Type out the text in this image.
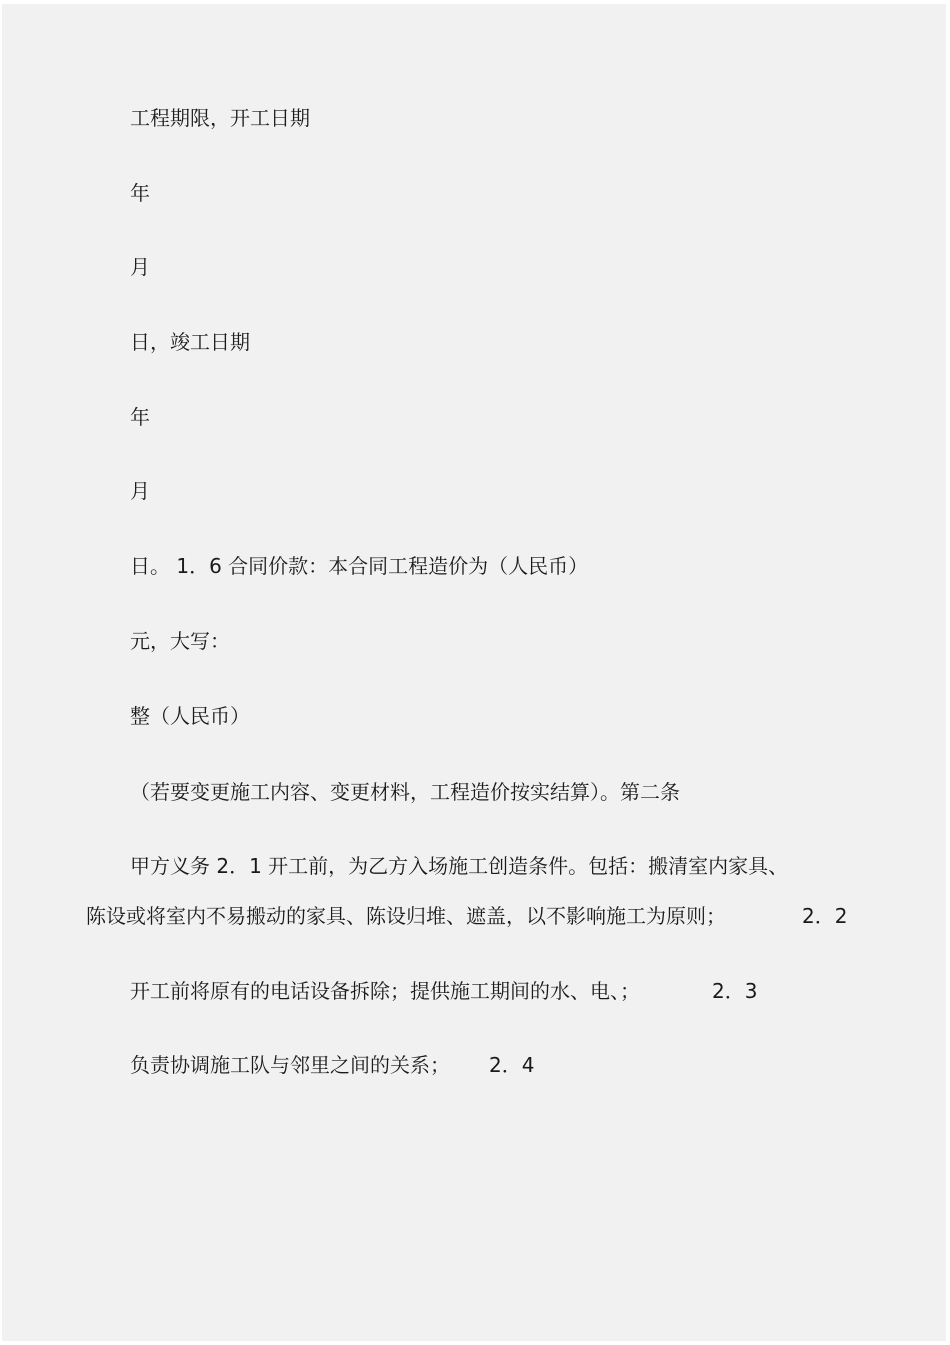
工程期限，开工日期
年
月
日，竣工日期
年
月
日。 1．6 合同价款：本合同工程造价为（人民币）
元，大写：
整（人民币）
（若要变更施工内容、变更材料，工程造价按实结算）。第二条
甲方义务 2．1 开工前，为乙方入场施工创造条件。包括：搬清室内家具、
陈设或将室内不易搬动的家具、陈设归堆、遮盖，以不影响施工为原则；	2．2
开工前将原有的电话设备拆除；提供施工期间的水、电、；	2．3
负责协调施工队与邻里之间的关系； 2．4
